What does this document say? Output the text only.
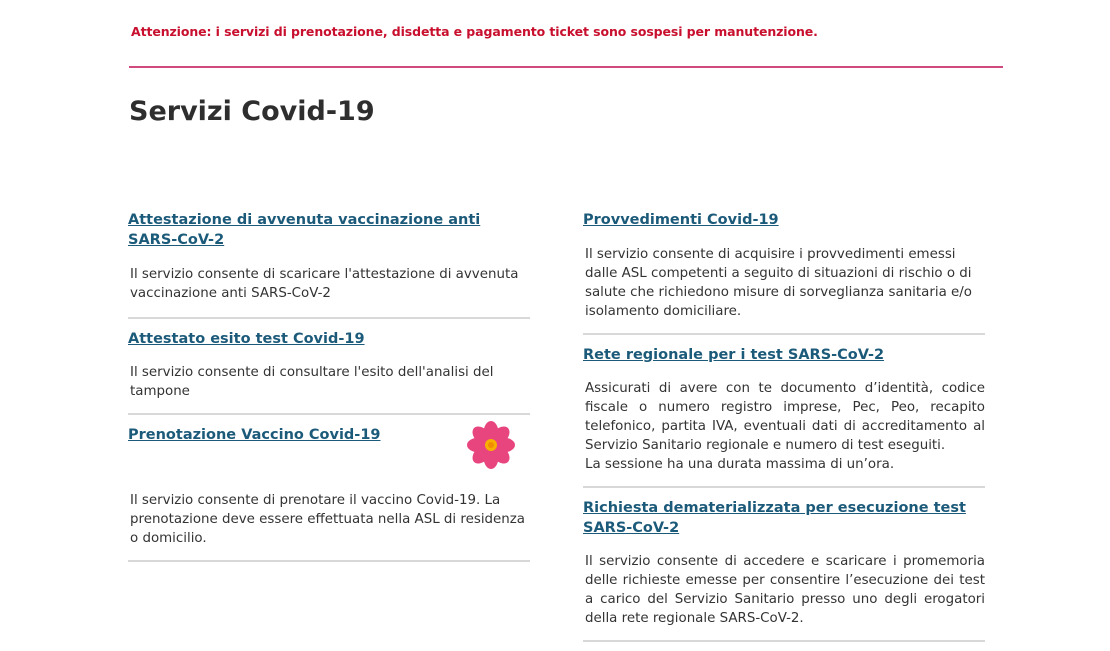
Attenzione: i servizi di prenotazione, disdetta e pagamento ticket sono sospesi per manutenzione.
Servizi Covid-19
Attestazione di avvenuta vaccinazione anti SARS-CoV-2

Il servizio consente di scaricare l'attestazione di avvenuta vaccinazione anti SARS-CoV-2

Attestato esito test Covid-19

Il servizio consente di consultare l'esito dell'analisi del tampone

Prenotazione Vaccino Covid-19

Il servizio consente di prenotare il vaccino Covid-19. La prenotazione deve essere effettuata nella ASL di residenza o domicilio.

Provvedimenti Covid-19

Il servizio consente di acquisire i provvedimenti emessi dalle ASL competenti a seguito di situazioni di rischio o di salute che richiedono misure di sorveglianza sanitaria e/o isolamento domiciliare.

Rete regionale per i test SARS-CoV-2

Assicurati di avere con te documento d’identità, codice fiscale o numero registro imprese, Pec, Peo, recapito telefonico, partita IVA, eventuali dati di accreditamento al Servizio Sanitario regionale e numero di test eseguiti.

La sessione ha una durata massima di un’ora.

Richiesta dematerializzata per esecuzione test SARS-CoV-2

Il servizio consente di accedere e scaricare i promemoria delle richieste emesse per consentire l’esecuzione dei test a carico del Servizio Sanitario presso uno degli erogatori della rete regionale SARS-CoV-2.
